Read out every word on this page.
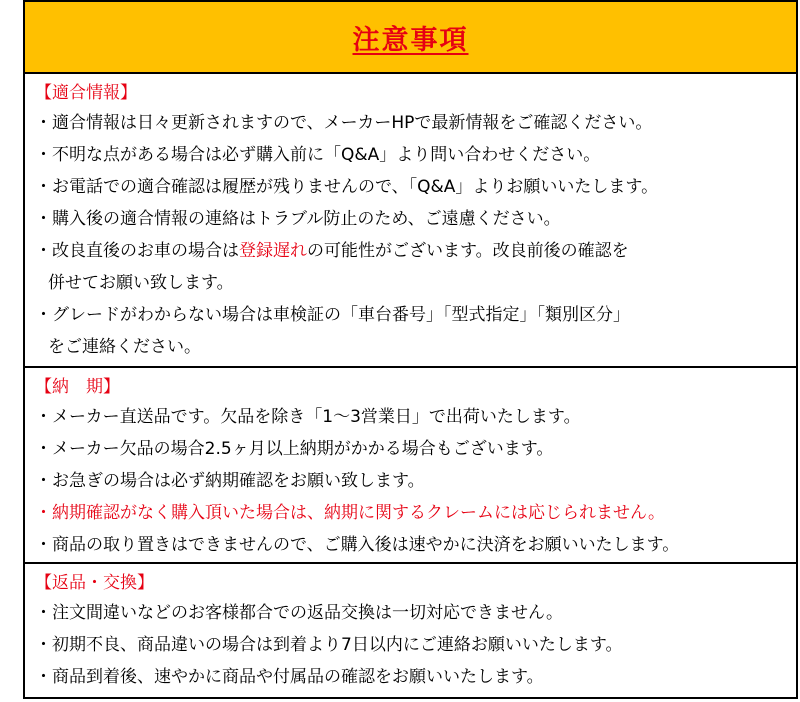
注意事項
【適合情報】
・適合情報は日々更新されますので、メーカーHPで最新情報をご確認ください。
・不明な点がある場合は必ず購入前に「Q&A」より問い合わせください。
・お電話での適合確認は履歴が残りませんので、「Q&A」よりお願いいたします。
・購入後の適合情報の連絡はトラブル防止のため、ご遠慮ください。
・改良直後のお車の場合は登録遅れの可能性がございます。改良前後の確認を
併せてお願い致します。
・グレードがわからない場合は車検証の「車台番号」「型式指定」「類別区分」
をご連絡ください。
【納　期】
・メーカー直送品です。欠品を除き「1～3営業日」で出荷いたします。
・メーカー欠品の場合2.5ヶ月以上納期がかかる場合もございます。
・お急ぎの場合は必ず納期確認をお願い致します。
・納期確認がなく購入頂いた場合は、納期に関するクレームには応じられません。
・商品の取り置きはできませんので、ご購入後は速やかに決済をお願いいたします。
【返品・交換】
・注文間違いなどのお客様都合での返品交換は一切対応できません。
・初期不良、商品違いの場合は到着より7日以内にご連絡お願いいたします。
・商品到着後、速やかに商品や付属品の確認をお願いいたします。
